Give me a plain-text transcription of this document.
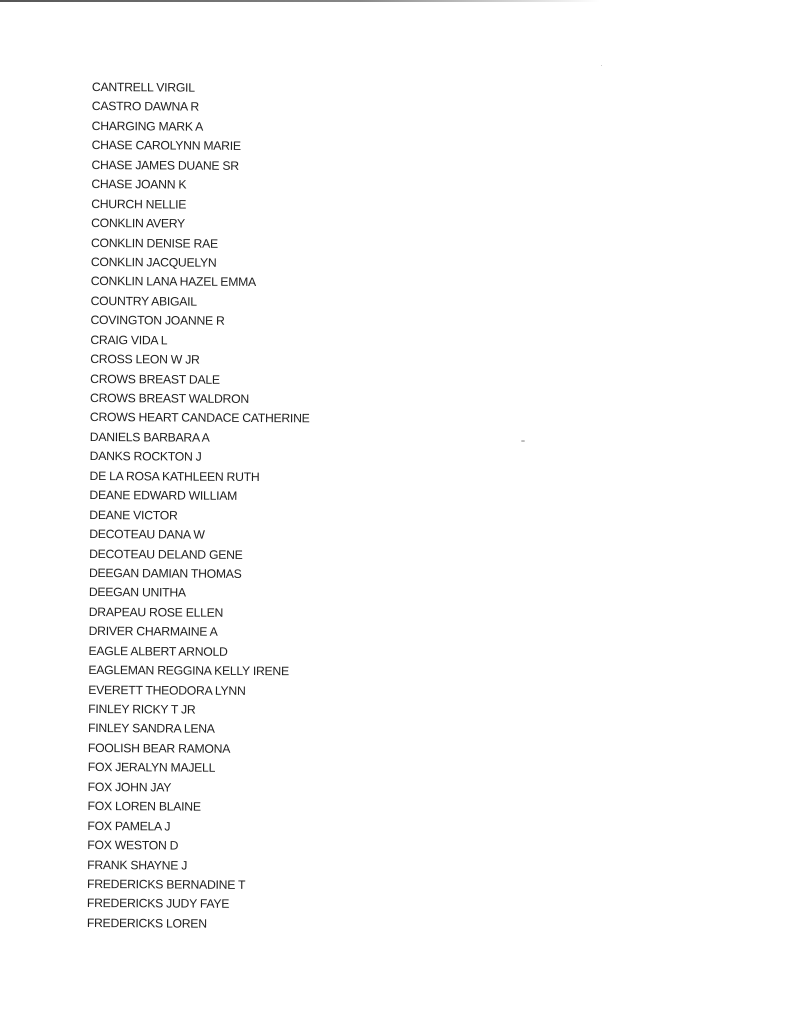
CANTRELL VIRGIL
CASTRO DAWNA R
CHARGING MARK A
CHASE CAROLYNN MARIE
CHASE JAMES DUANE SR
CHASE JOANN K
CHURCH NELLIE
CONKLIN AVERY
CONKLIN DENISE RAE
CONKLIN JACQUELYN
CONKLIN LANA HAZEL EMMA
COUNTRY ABIGAIL
COVINGTON JOANNE R
CRAIG VIDA L
CROSS LEON W JR
CROWS BREAST DALE
CROWS BREAST WALDRON
CROWS HEART CANDACE CATHERINE
DANIELS BARBARA A
DANKS ROCKTON J
DE LA ROSA KATHLEEN RUTH
DEANE EDWARD WILLIAM
DEANE VICTOR
DECOTEAU DANA W
DECOTEAU DELAND GENE
DEEGAN DAMIAN THOMAS
DEEGAN UNITHA
DRAPEAU ROSE ELLEN
DRIVER CHARMAINE A
EAGLE ALBERT ARNOLD
EAGLEMAN REGGINA KELLY IRENE
EVERETT THEODORA LYNN
FINLEY RICKY T JR
FINLEY SANDRA LENA
FOOLISH BEAR RAMONA
FOX JERALYN MAJELL
FOX JOHN JAY
FOX LOREN BLAINE
FOX PAMELA J
FOX WESTON D
FRANK SHAYNE J
FREDERICKS BERNADINE T
FREDERICKS JUDY FAYE
FREDERICKS LOREN
